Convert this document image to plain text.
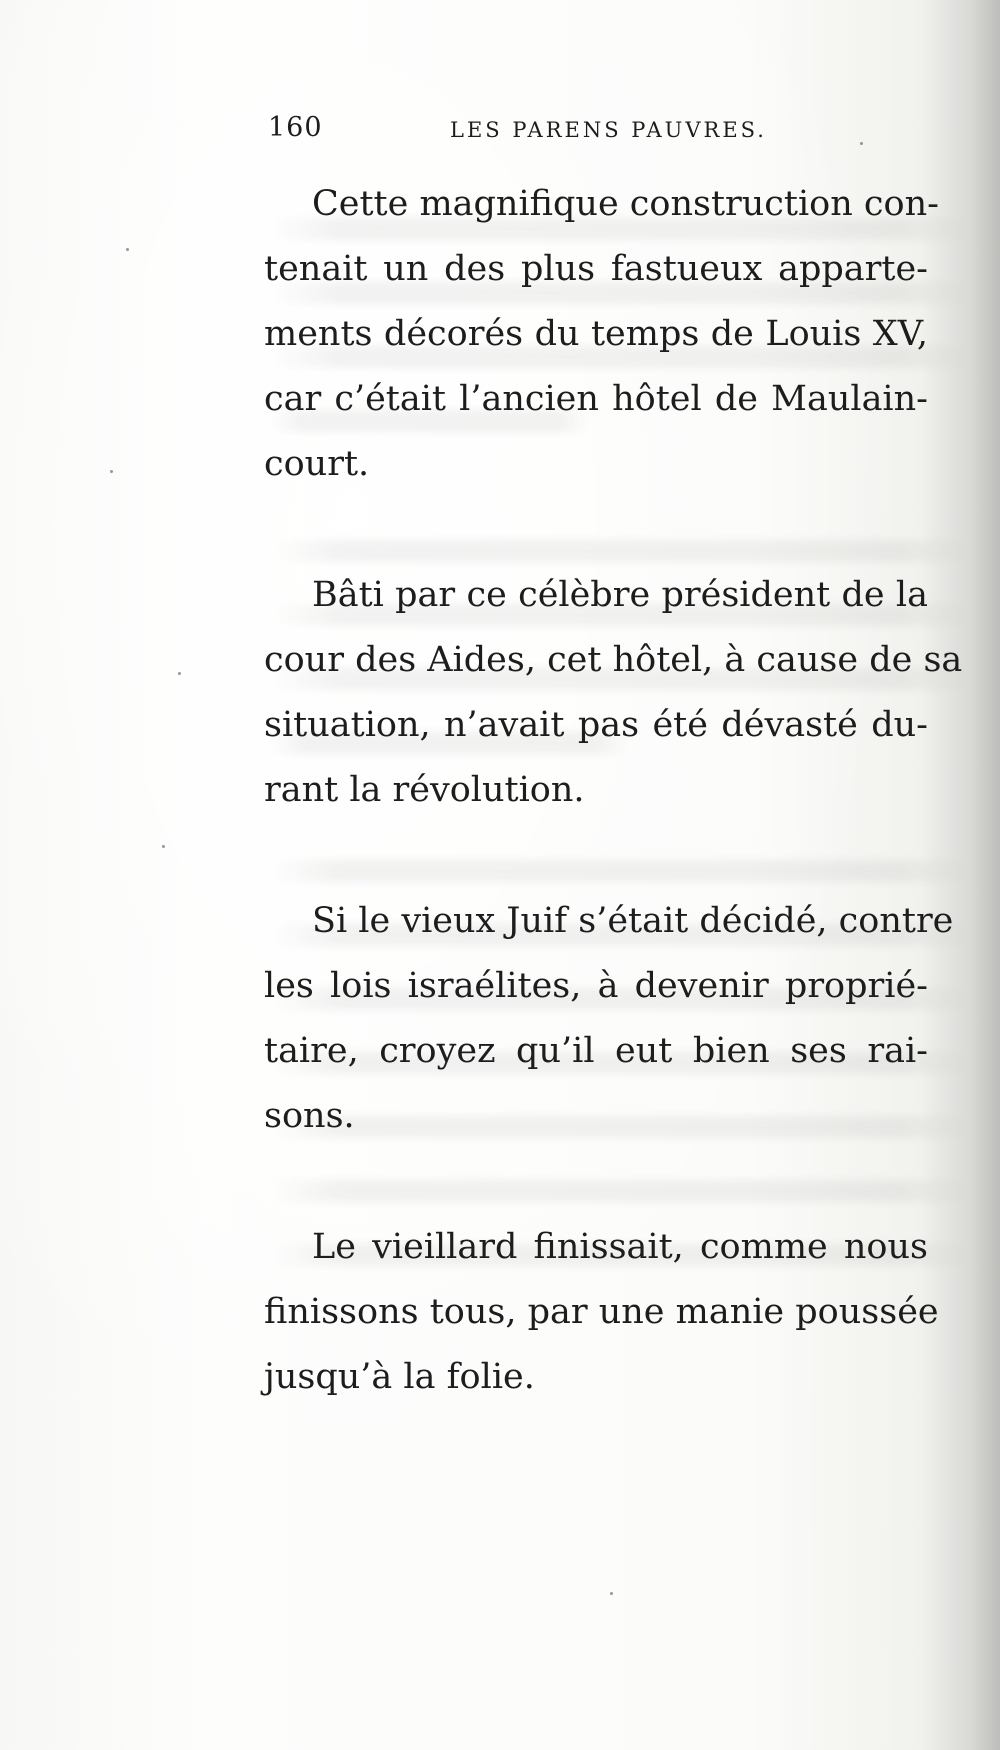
160	LES PARENS PAUVRES.
Cette magnifique construction con-
tenait un des plus fastueux apparte-
ments décorés du temps de Louis XV,
car c’était l’ancien hôtel de Maulain-
court.
Bâti par ce célèbre président de la
cour des Aides, cet hôtel, à cause de sa
situation, n’avait pas été dévasté du-
rant la révolution.
Si le vieux Juif s’était décidé, contre
les lois israélites, à devenir proprié-
taire, croyez qu’il eut bien ses rai-
sons.
Le vieillard finissait, comme nous
finissons tous, par une manie poussée
jusqu’à la folie.
